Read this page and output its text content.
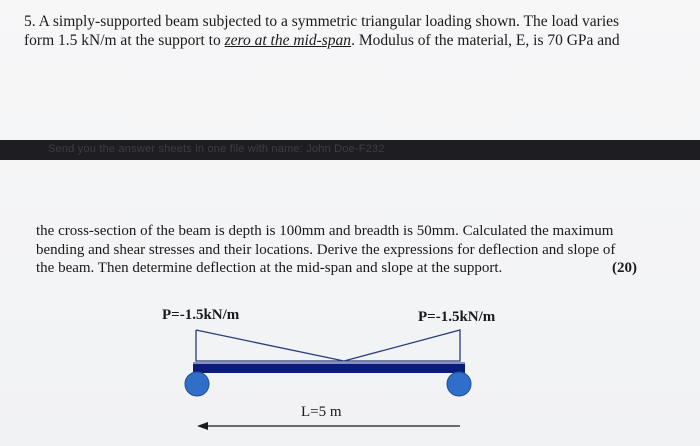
5. A simply-supported beam subjected to a symmetric triangular loading shown. The load varies
form 1.5 kN/m at the support to zero at the mid-span. Modulus of the material, E, is 70 GPa and
Send you the answer sheets in one file with name: John Doe-F232
the cross-section of the beam is depth is 100mm and breadth is 50mm. Calculated the maximum
bending and shear stresses and their locations. Derive the expressions for deflection and slope of
the beam. Then determine deflection at the mid-span and slope at the support.	(20)
P=-1.5kN/m	P=-1.5kN/m
L=5 m
